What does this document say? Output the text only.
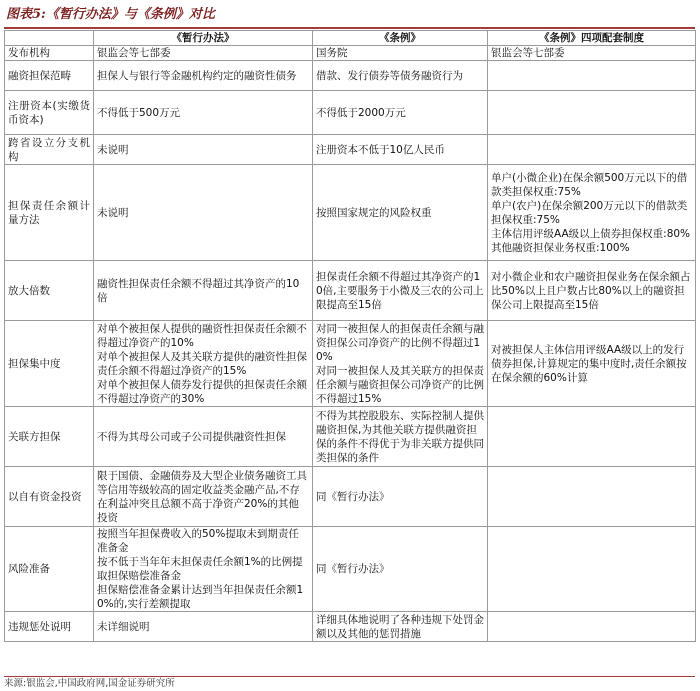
图表5:《暂行办法》与《条例》对比
	《暂行办法》	《条例》	《条例》四项配套制度
发布机构	银监会等七部委	国务院	银监会等七部委
融资担保范畴	担保人与银行等金融机构约定的融资性债务	借款、发行债券等债务融资行为	
注册资本(实缴货币资本)	不得低于500万元	不得低于2000万元	
跨省设立分支机构	未说明	注册资本不低于10亿人民币	
担保责任余额计量方法	未说明	按照国家规定的风险权重	单户(小微企业)在保余额500万元以下的借款类担保权重:75%
单户(农户)在保余额200万元以下的借款类担保权重:75%
主体信用评级AA级以上债券担保权重:80%
其他融资担保业务权重:100%
放大倍数	融资性担保责任余额不得超过其净资产的10倍	担保责任余额不得超过其净资产的10倍,主要服务于小微及三农的公司上限提高至15倍	对小微企业和农户融资担保业务在保余额占比50%以上且户数占比80%以上的融资担保公司上限提高至15倍
担保集中度	对单个被担保人提供的融资性担保责任余额不得超过净资产的10%
对单个被担保人及其关联方提供的融资性担保责任余额不得超过净资产的15%
对单个被担保人债券发行提供的担保责任余额不得超过净资产的30%	对同一被担保人的担保责任余额与融资担保公司净资产的比例不得超过10%
对同一被担保人及其关联方的担保责任余额与融资担保公司净资产的比例不得超过15%	对被担保人主体信用评级AA级以上的发行债券担保,计算规定的集中度时,责任余额按在保余额的60%计算
关联方担保	不得为其母公司或子公司提供融资性担保	不得为其控股股东、实际控制人提供融资担保,为其他关联方提供融资担保的条件不得优于为非关联方提供同类担保的条件	
以自有资金投资	限于国债、金融债券及大型企业债务融资工具等信用等级较高的固定收益类金融产品,不存在利益冲突且总额不高于净资产20%的其他投资	同《暂行办法》	
风险准备	按照当年担保费收入的50%提取未到期责任准备金
按不低于当年年末担保责任余额1%的比例提取担保赔偿准备金
担保赔偿准备金累计达到当年担保责任余额10%的,实行差额提取	同《暂行办法》	
违规惩处说明	未详细说明	详细具体地说明了各种违规下处罚金额以及其他的惩罚措施	
来源:银监会,中国政府网,国金证券研究所
